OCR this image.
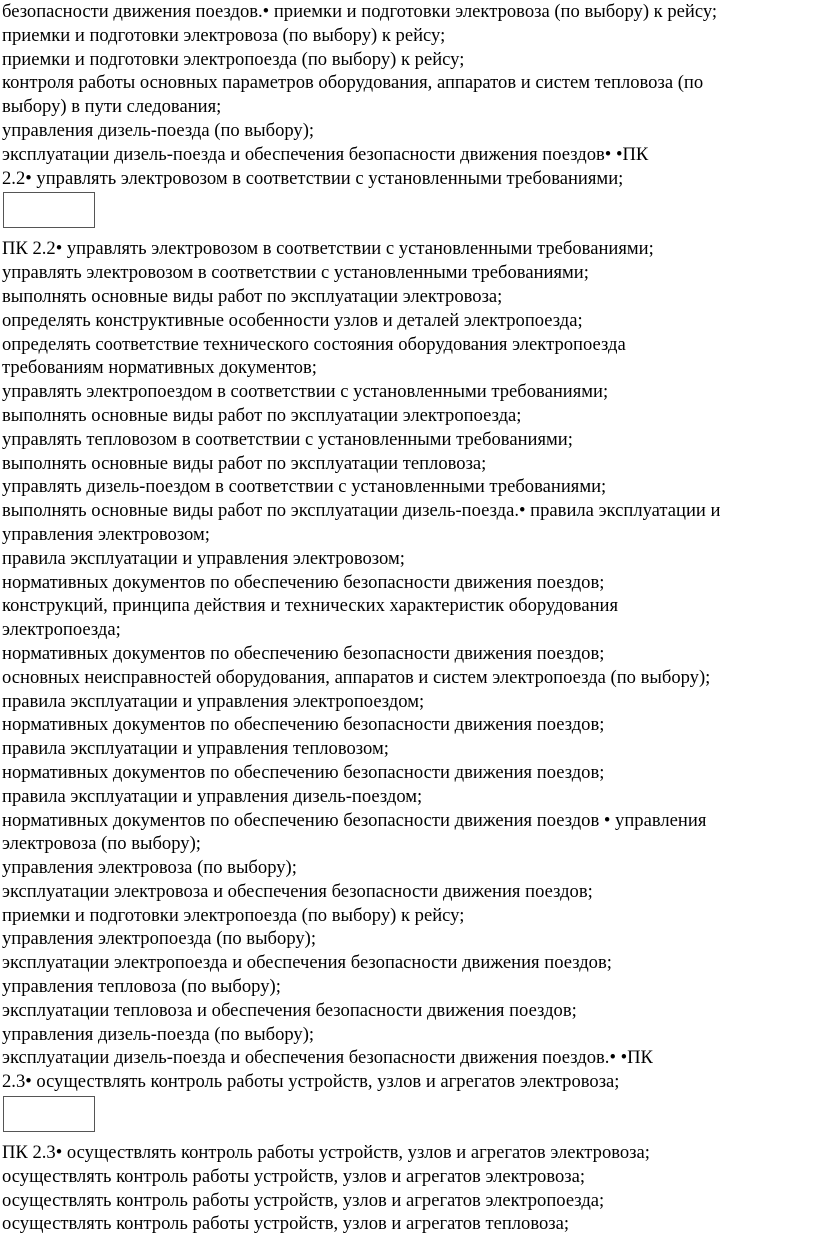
безопасности движения поездов.• приемки и подготовки электровоза (по выбору) к рейсу;
приемки и подготовки электровоза (по выбору) к рейсу;
приемки и подготовки электропоезда (по выбору) к рейсу;
контроля работы основных параметров оборудования, аппаратов и систем тепловоза (по
выбору) в пути следования;
управления дизель-поезда (по выбору);
эксплуатации дизель-поезда и обеспечения безопасности движения поездов• •ПК
2.2• управлять электровозом в соответствии с установленными требованиями;
ПК 2.2• управлять электровозом в соответствии с установленными требованиями;
управлять электровозом в соответствии с установленными требованиями;
выполнять основные виды работ по эксплуатации электровоза;
определять конструктивные особенности узлов и деталей электропоезда;
определять соответствие технического состояния оборудования электропоезда
требованиям нормативных документов;
управлять электропоездом в соответствии с установленными требованиями;
выполнять основные виды работ по эксплуатации электропоезда;
управлять тепловозом в соответствии с установленными требованиями;
выполнять основные виды работ по эксплуатации тепловоза;
управлять дизель-поездом в соответствии с установленными требованиями;
выполнять основные виды работ по эксплуатации дизель-поезда.• правила эксплуатации и
управления электровозом;
правила эксплуатации и управления электровозом;
нормативных документов по обеспечению безопасности движения поездов;
конструкций, принципа действия и технических характеристик оборудования
электропоезда;
нормативных документов по обеспечению безопасности движения поездов;
основных неисправностей оборудования, аппаратов и систем электропоезда (по выбору);
правила эксплуатации и управления электропоездом;
нормативных документов по обеспечению безопасности движения поездов;
правила эксплуатации и управления тепловозом;
нормативных документов по обеспечению безопасности движения поездов;
правила эксплуатации и управления дизель-поездом;
нормативных документов по обеспечению безопасности движения поездов • управления
электровоза (по выбору);
управления электровоза (по выбору);
эксплуатации электровоза и обеспечения безопасности движения поездов;
приемки и подготовки электропоезда (по выбору) к рейсу;
управления электропоезда (по выбору);
эксплуатации электропоезда и обеспечения безопасности движения поездов;
управления тепловоза (по выбору);
эксплуатации тепловоза и обеспечения безопасности движения поездов;
управления дизель-поезда (по выбору);
эксплуатации дизель-поезда и обеспечения безопасности движения поездов.• •ПК
2.3• осуществлять контроль работы устройств, узлов и агрегатов электровоза;
ПК 2.3• осуществлять контроль работы устройств, узлов и агрегатов электровоза;
осуществлять контроль работы устройств, узлов и агрегатов электровоза;
осуществлять контроль работы устройств, узлов и агрегатов электропоезда;
осуществлять контроль работы устройств, узлов и агрегатов тепловоза;
